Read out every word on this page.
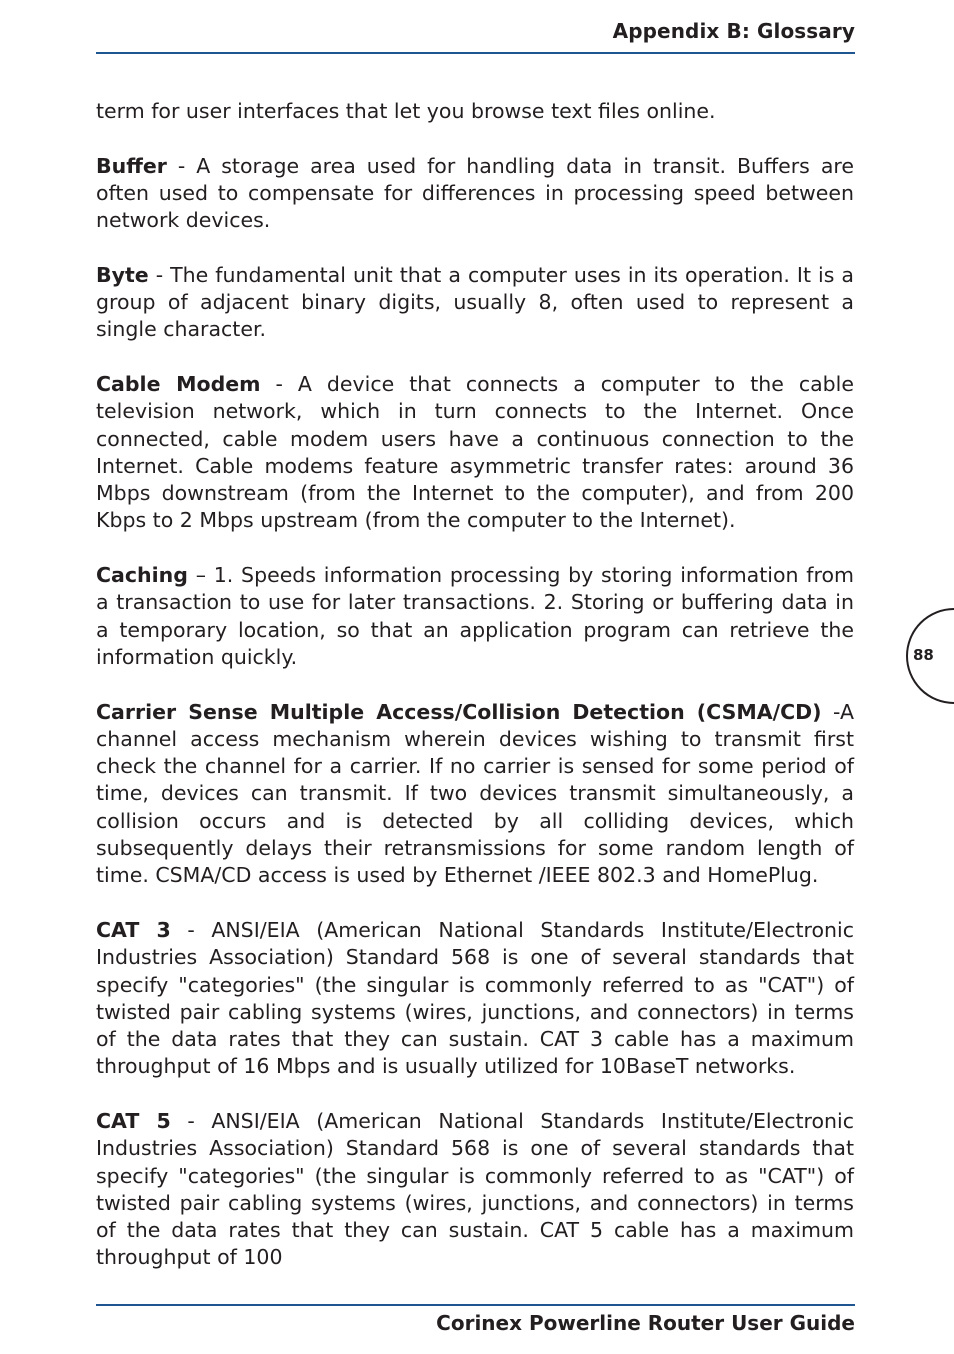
Appendix B: Glossary

term for user interfaces that let you browse text files online.

Buffer - A storage area used for handling data in transit. Buffers are often used to compensate for differences in processing speed between network devices.

Byte - The fundamental unit that a computer uses in its operation. It is a group of adjacent binary digits, usually 8, often used to represent a single character.

Cable Modem - A device that connects a computer to the cable television network, which in turn connects to the Internet. Once connected, cable modem users have a continuous connection to the Internet. Cable modems feature asymmetric transfer rates: around 36 Mbps downstream (from the Internet to the computer), and from 200 Kbps to 2 Mbps upstream (from the computer to the Internet).

Caching – 1. Speeds information processing by storing information from a transaction to use for later transactions. 2. Storing or buffering data in a temporary location, so that an application program can retrieve the information quickly.

Carrier Sense Multiple Access/Collision Detection (CSMA/CD) -A channel access mechanism wherein devices wishing to transmit first check the channel for a carrier. If no carrier is sensed for some period of time, devices can transmit. If two devices transmit simultaneously, a collision occurs and is detected by all colliding devices, which subsequently delays their retransmissions for some random length of time. CSMA/CD access is used by Ethernet /IEEE 802.3 and HomePlug.

CAT 3 - ANSI/EIA (American National Standards Institute/Electronic Industries Association) Standard 568 is one of several standards that specify "categories" (the singular is commonly referred to as "CAT") of twisted pair cabling systems (wires, junctions, and connectors) in terms of the data rates that they can sustain. CAT 3 cable has a maximum throughput of 16 Mbps and is usually utilized for 10BaseT networks.

CAT 5 - ANSI/EIA (American National Standards Institute/Electronic Industries Association) Standard 568 is one of several standards that specify "categories" (the singular is commonly referred to as "CAT") of twisted pair cabling systems (wires, junctions, and connectors) in terms of the data rates that they can sustain. CAT 5 cable has a maximum throughput of 100

88
Corinex Powerline Router User Guide
